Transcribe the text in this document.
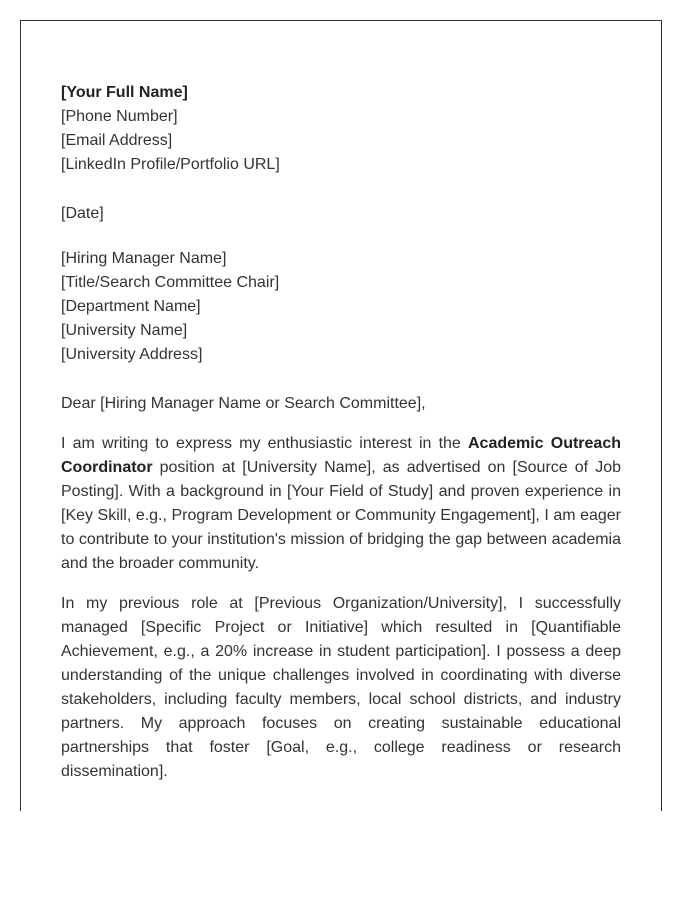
[Your Full Name]
[Phone Number]
[Email Address]
[LinkedIn Profile/Portfolio URL]
[Date]
[Hiring Manager Name]
[Title/Search Committee Chair]
[Department Name]
[University Name]
[University Address]
Dear [Hiring Manager Name or Search Committee],

I am writing to express my enthusiastic interest in the Academic Outreach Coordinator position at [University Name], as advertised on [Source of Job Posting]. With a background in [Your Field of Study] and proven experience in [Key Skill, e.g., Program Development or Community Engagement], I am eager to contribute to your institution's mission of bridging the gap between academia and the broader community.

In my previous role at [Previous Organization/University], I successfully managed [Specific Project or Initiative] which resulted in [Quantifiable Achievement, e.g., a 20% increase in student participation]. I possess a deep understanding of the unique challenges involved in coordinating with diverse stakeholders, including faculty members, local school districts, and industry partners. My approach focuses on creating sustainable educational partnerships that foster [Goal, e.g., college readiness or research dissemination].
